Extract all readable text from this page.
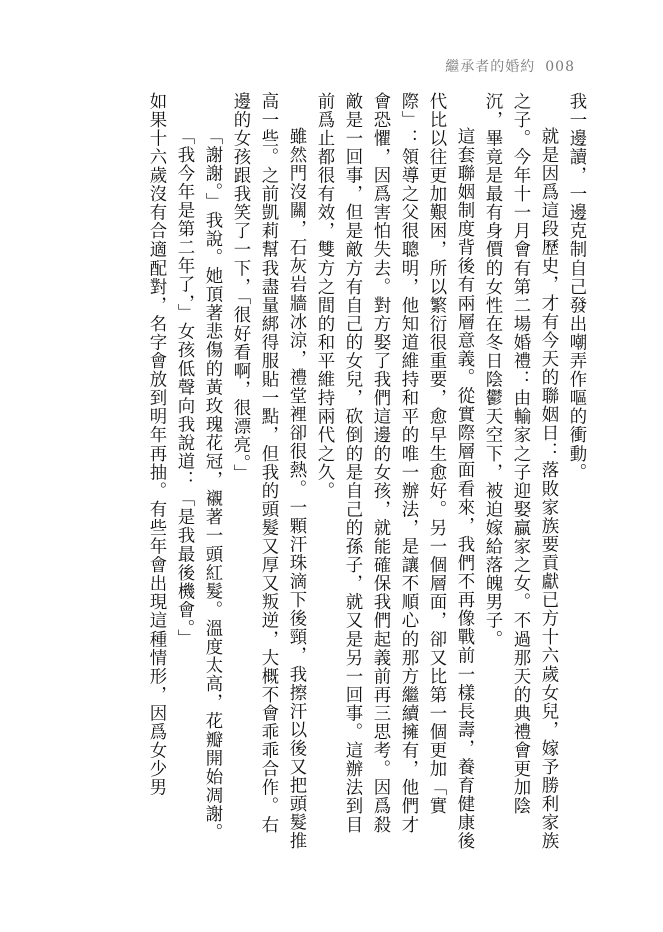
繼承者的婚約 008

我一邊讀，一邊克制自己發出嘲弄作嘔的衝動。

就是因爲這段歷史，才有今天的聯姻日：落敗家族要貢獻已方十六歲女兒，嫁予勝利家族之子。今年十一月會有第二場婚禮：由輸家之子迎娶贏家之女。不過那天的典禮會更加陰沉，畢竟是最有身價的女性在冬日陰鬱天空下，被迫嫁給落魄男子。

這套聯姻制度背後有兩層意義。從實際層面看來，我們不再像戰前一樣長壽，養育健康後代比以往更加艱困，所以繁衍很重要，愈早生愈好。另一個層面，卻又比第一個更加「實際」：領導之父很聰明，他知道維持和平的唯一辦法，是讓不順心的那方繼續擁有，他們才會恐懼，因爲害怕失去。對方娶了我們這邊的女孩，就能確保我們起義前再三思考。因爲殺敵是一回事，但是敵方有自己的女兒，砍倒的是自己的孫子，就又是另一回事。這辦法到目前爲止都很有效，雙方之間的和平維持兩代之久。

雖然門沒關，石灰岩牆冰涼，禮堂裡卻很熱。一顆汗珠滴下後頸，我擦汗以後又把頭髮推高一些。之前凱莉幫我盡量綁得服貼一點，但我的頭髮又厚又叛逆，大概不會乖乖合作。右邊的女孩跟我笑了一下，「很好看啊，很漂亮。」

「謝謝。」我說。她頂著悲傷的黃玫瑰花冠，襯著一頭紅髮。溫度太高，花瓣開始凋謝。

「我今年是第二年了，」女孩低聲向我說道：「是我最後機會。」

如果十六歲沒有合適配對，名字會放到明年再抽。有些年會出現這種情形，因爲女少男
